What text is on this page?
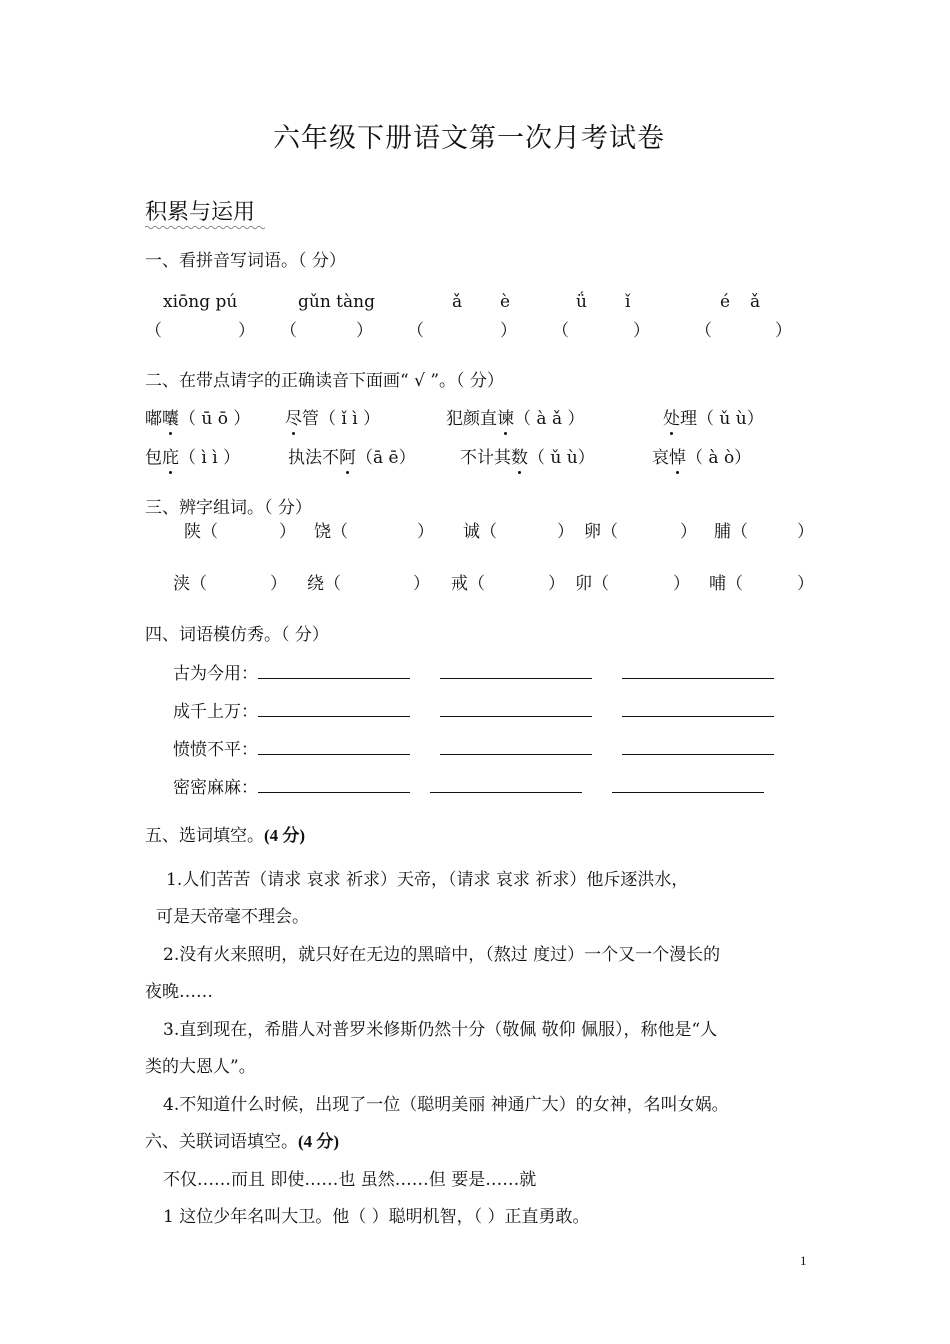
六年级下册语文第一次月考试卷
积累与运用
一、看拼音写词语。（ 分）
xiōng pú	gǔn tàng	ǎ è	ǘ ǐ	é ǎ
（	） （	） （	） （	）	（	）
二、在带点请字的正确读音下面画“ √ ”。（ 分）
嘟囔（ ū ō ） 尽管（ ǐ ì ）	犯颜直谏（ à ǎ ）	处理（ ǔ ù）
包庇（ ì ì ）	执法不阿（ā ē）	不计其数（ ǔ ù）	哀悼（ à ò）
三、辨字组词。（ 分）
陕（	） 饶（	） 诚（	） 卵（	） 脯（	）
浃（	） 绕（	） 戒（	） 卯（	） 哺（	）
四、词语模仿秀。（ 分）
古为今用：
成千上万：
愤愤不平：
密密麻麻：
五、选词填空。(4 分)
1.人们苦苦（请求 哀求 祈求）天帝，（请求 哀求 祈求）他斥逐洪水，
可是天帝毫不理会。
2.没有火来照明，就只好在无边的黑暗中，（熬过 度过）一个又一个漫长的
夜晚……
3.直到现在，希腊人对普罗米修斯仍然十分（敬佩 敬仰 佩服），称他是“人
类的大恩人”。
4.不知道什么时候，出现了一位（聪明美丽 神通广大）的女神，名叫女娲。
六、关联词语填空。(4 分)
不仅……而且 即使……也 虽然……但 要是……就
1 这位少年名叫大卫。他（ ）聪明机智，（ ）正直勇敢。
1
